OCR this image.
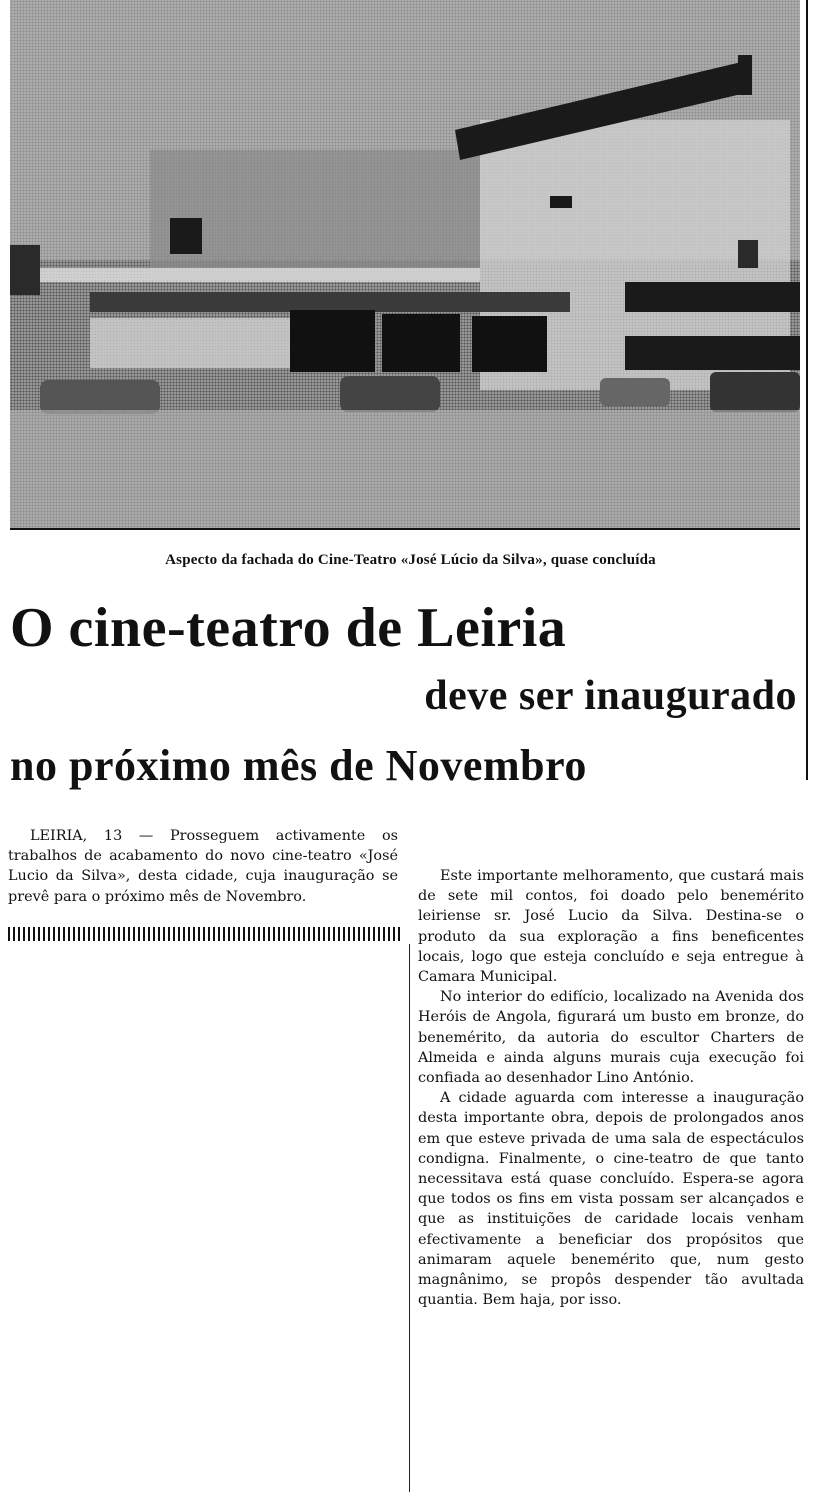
Aspecto da fachada do Cine-Teatro «José Lúcio da Silva», quase concluída
O cine-teatro de Leiria
deve ser inaugurado
no próximo mês de Novembro

LEIRIA, 13 — Prosseguem activamente os trabalhos de acabamento do novo cine-teatro «José Lucio da Silva», desta cidade, cuja inauguração se prevê para o próximo mês de Novembro.

Este importante melhoramento, que custará mais de sete mil contos, foi doado pelo benemérito leiriense sr. José Lucio da Silva. Destina-se o produto da sua exploração a fins beneficentes locais, logo que esteja concluído e seja entregue à Camara Municipal.

No interior do edifício, localizado na Avenida dos Heróis de Angola, figurará um busto em bronze, do benemérito, da autoria do escultor Charters de Almeida e ainda alguns murais cuja execução foi confiada ao desenhador Lino António.

A cidade aguarda com interesse a inauguração desta importante obra, depois de prolongados anos em que esteve privada de uma sala de espectáculos condigna. Finalmente, o cine-teatro de que tanto necessitava está quase concluído. Espera-se agora que todos os fins em vista possam ser alcançados e que as instituições de caridade locais venham efectivamente a beneficiar dos propósitos que animaram aquele benemérito que, num gesto magnânimo, se propôs despender tão avultada quantia. Bem haja, por isso.
